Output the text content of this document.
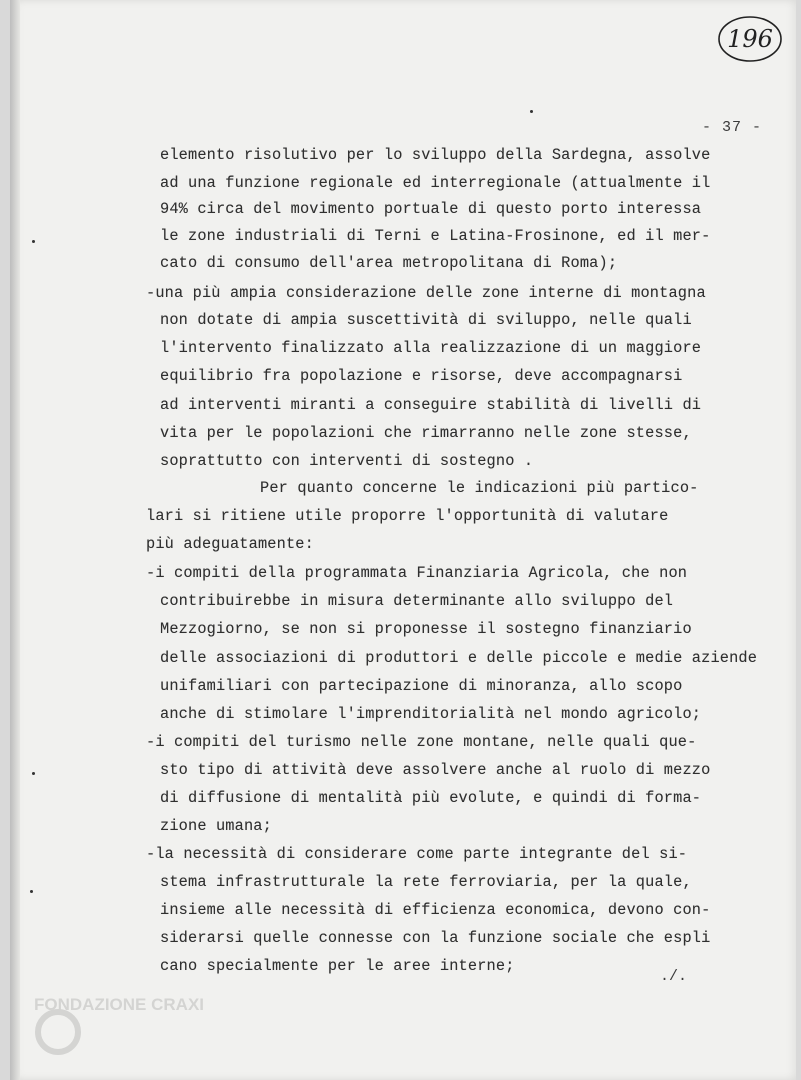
196
- 37 -
elemento risolutivo per lo sviluppo della Sardegna, assolve
ad una funzione regionale ed interregionale (attualmente il
94% circa del movimento portuale di questo porto interessa
le zone industriali di Terni e Latina-Frosinone, ed il mer-
cato di consumo dell'area metropolitana di Roma);
-una più ampia considerazione delle zone interne di montagna
non dotate di ampia suscettività di sviluppo, nelle quali
l'intervento finalizzato alla realizzazione di un maggiore
equilibrio fra popolazione e risorse, deve accompagnarsi
ad interventi miranti a conseguire stabilità di livelli di
vita per le popolazioni che rimarranno nelle zone stesse,
soprattutto con interventi di sostegno .
Per quanto concerne le indicazioni più partico-
lari si ritiene utile proporre l'opportunità di valutare
più adeguatamente:
-i compiti della programmata Finanziaria Agricola, che non
contribuirebbe in misura determinante allo sviluppo del
Mezzogiorno, se non si proponesse il sostegno finanziario
delle associazioni di produttori e delle piccole e medie aziende
unifamiliari con partecipazione di minoranza, allo scopo
anche di stimolare l'imprenditorialità nel mondo agricolo;
-i compiti del turismo nelle zone montane, nelle quali que-
sto tipo di attività deve assolvere anche al ruolo di mezzo
di diffusione di mentalità più evolute, e quindi di forma-
zione umana;
-la necessità di considerare come parte integrante del si-
stema infrastrutturale la rete ferroviaria, per la quale,
insieme alle necessità di efficienza economica, devono con-
siderarsi quelle connesse con la funzione sociale che espli
cano specialmente per le aree interne;
./.
FONDAZIONE CRAXI
